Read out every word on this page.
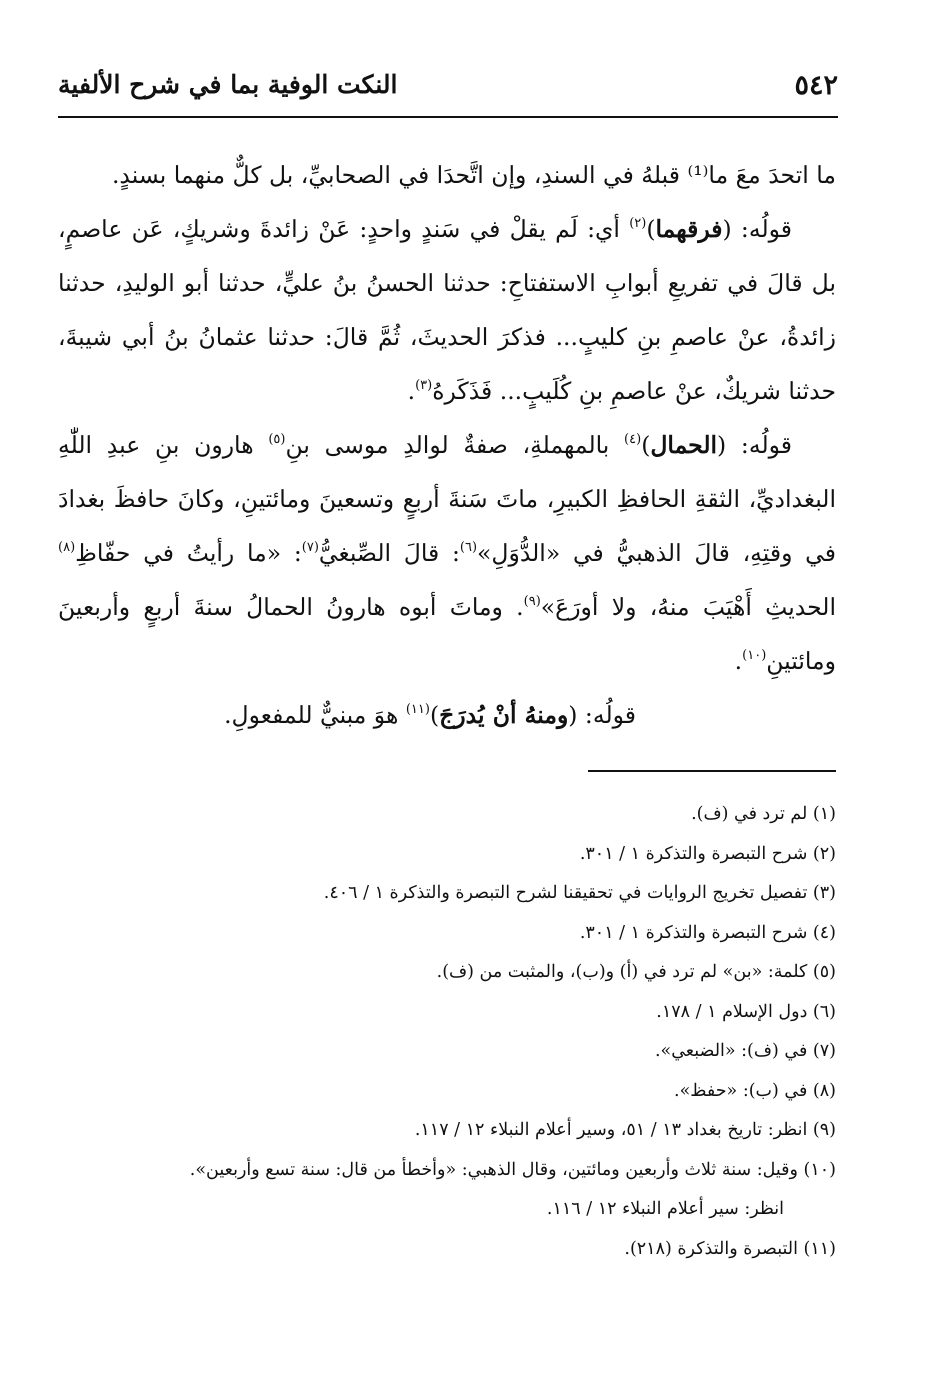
٥٤٢
النكت الوفية بما في شرح الألفية

ما اتحدَ معَ ما⁽¹⁾ قبلهُ في السندِ، وإن اتَّحدَا في الصحابيِّ، بل كلٌّ منهما بسندٍ.

قولُه: (فرقهما)$^{(٢)}$ أي: لَم يقلْ في سَندٍ واحدٍ: عَنْ زائدةَ وشريكٍ، عَن عاصمٍ، بل قالَ في تفريعِ أبوابِ الاستفتاحِ: حدثنا الحسنُ بنُ عليٍّ، حدثنا أبو الوليدِ، حدثنا زائدةُ، عنْ عاصمِ بنِ كليبٍ... فذكرَ الحديثَ، ثُمَّ قالَ: حدثنا عثمانُ بنُ أبي شيبةَ، حدثنا شريكٌ، عنْ عاصمِ بنِ كُلَيبٍ... فَذَكَرهُ$^{(٣)}$.

قولُه: (الحمال)$^{(٤)}$ بالمهملةِ، صفةٌ لوالدِ موسى بنِ$^{(٥)}$ هارون بنِ عبدِ اللّٰهِ البغداديِّ، الثقةِ الحافظِ الكبيرِ، ماتَ سَنةَ أربعٍ وتسعينَ ومائتينِ، وكانَ حافظَ بغدادَ في وقتِهِ، قالَ الذهبيُّ في «الدُّوَلِ»$^{(٦)}$: قالَ الصِّبغيُّ$^{(٧)}$: «ما رأيتُ في حفّاظِ$^{(٨)}$ الحديثِ أَهْيَبَ منهُ، ولا أورَعَ»$^{(٩)}$. وماتَ أبوه هارونُ الحمالُ سنةَ أربعٍ وأربعينَ ومائتينِ$^{(١٠)}$.

قولُه: (ومنهُ أنْ يُدرَجَ)$^{(١١)}$ هوَ مبنيٌّ للمفعولِ.

(١) لم ترد في (ف).
(٢) شرح التبصرة والتذكرة ١ / ٣٠١.
(٣) تفصيل تخريج الروايات في تحقيقنا لشرح التبصرة والتذكرة ١ / ٤٠٦.
(٤) شرح التبصرة والتذكرة ١ / ٣٠١.
(٥) كلمة: «بن» لم ترد في (أ) و(ب)، والمثبت من (ف).
(٦) دول الإسلام ١ / ١٧٨.
(٧) في (ف): «الضبعي».
(٨) في (ب): «حفظ».
(٩) انظر: تاريخ بغداد ١٣ / ٥١، وسير أعلام النبلاء ١٢ / ١١٧.
(١٠) وقيل: سنة ثلاث وأربعين ومائتين، وقال الذهبي: «وأخطأ من قال: سنة تسع وأربعين».
انظر: سير أعلام النبلاء ١٢ / ١١٦.
(١١) التبصرة والتذكرة (٢١٨).
